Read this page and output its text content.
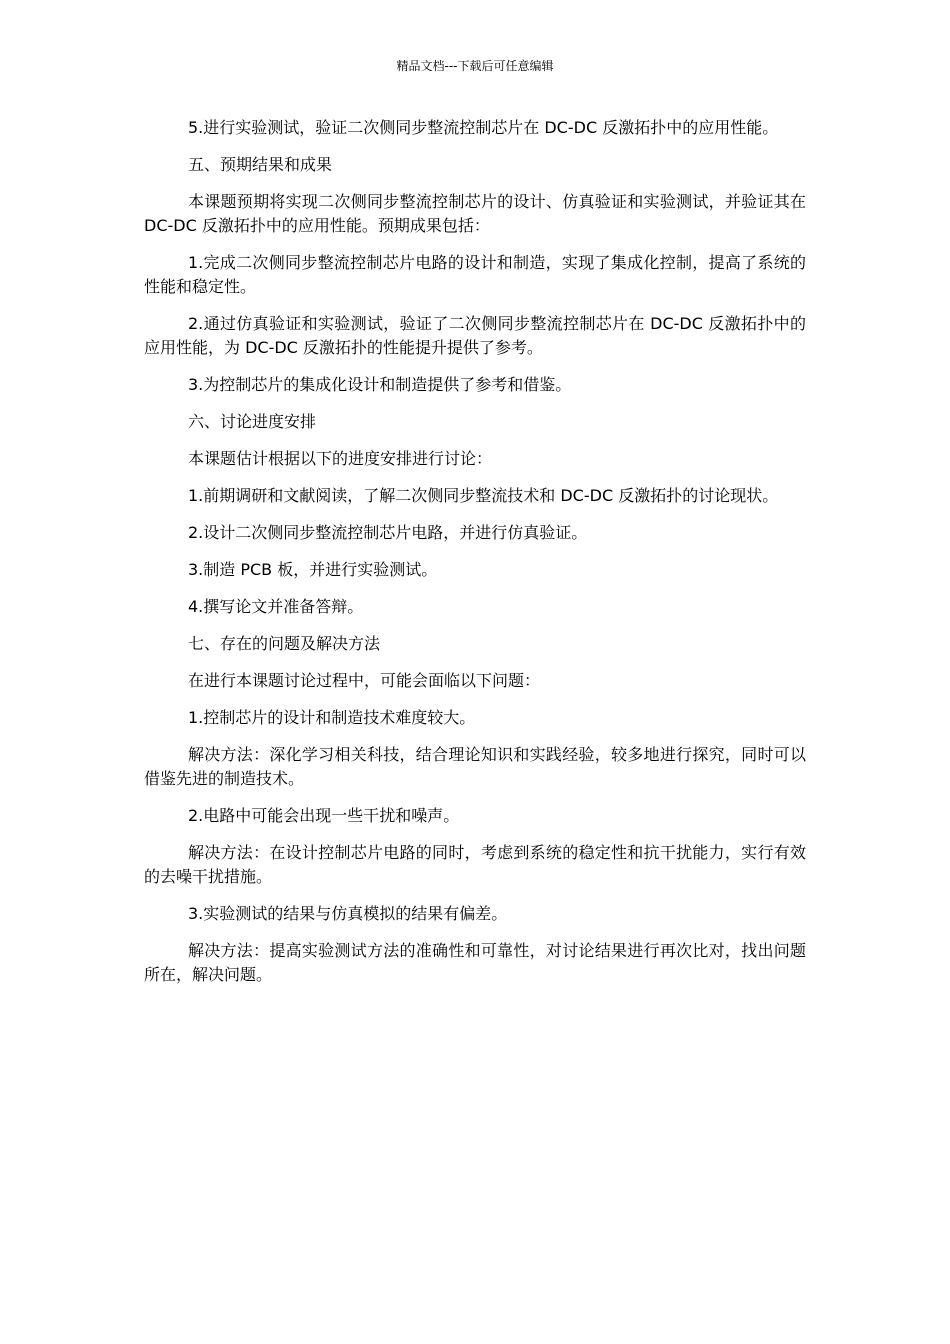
精品文档---下载后可任意编辑

5.进行实验测试，验证二次侧同步整流控制芯片在 DC-DC 反激拓扑中的应用性能。

五、预期结果和成果

本课题预期将实现二次侧同步整流控制芯片的设计、仿真验证和实验测试，并验证其在 DC-DC 反激拓扑中的应用性能。预期成果包括：

1.完成二次侧同步整流控制芯片电路的设计和制造，实现了集成化控制，提高了系统的性能和稳定性。

2.通过仿真验证和实验测试，验证了二次侧同步整流控制芯片在 DC-DC 反激拓扑中的应用性能，为 DC-DC 反激拓扑的性能提升提供了参考。

3.为控制芯片的集成化设计和制造提供了参考和借鉴。

六、讨论进度安排

本课题估计根据以下的进度安排进行讨论：

1.前期调研和文献阅读，了解二次侧同步整流技术和 DC-DC 反激拓扑的讨论现状。

2.设计二次侧同步整流控制芯片电路，并进行仿真验证。

3.制造 PCB 板，并进行实验测试。

4.撰写论文并准备答辩。

七、存在的问题及解决方法

在进行本课题讨论过程中，可能会面临以下问题：

1.控制芯片的设计和制造技术难度较大。

解决方法：深化学习相关科技，结合理论知识和实践经验，较多地进行探究，同时可以借鉴先进的制造技术。

2.电路中可能会出现一些干扰和噪声。

解决方法：在设计控制芯片电路的同时，考虑到系统的稳定性和抗干扰能力，实行有效的去噪干扰措施。

3.实验测试的结果与仿真模拟的结果有偏差。

解决方法：提高实验测试方法的准确性和可靠性，对讨论结果进行再次比对，找出问题所在，解决问题。
